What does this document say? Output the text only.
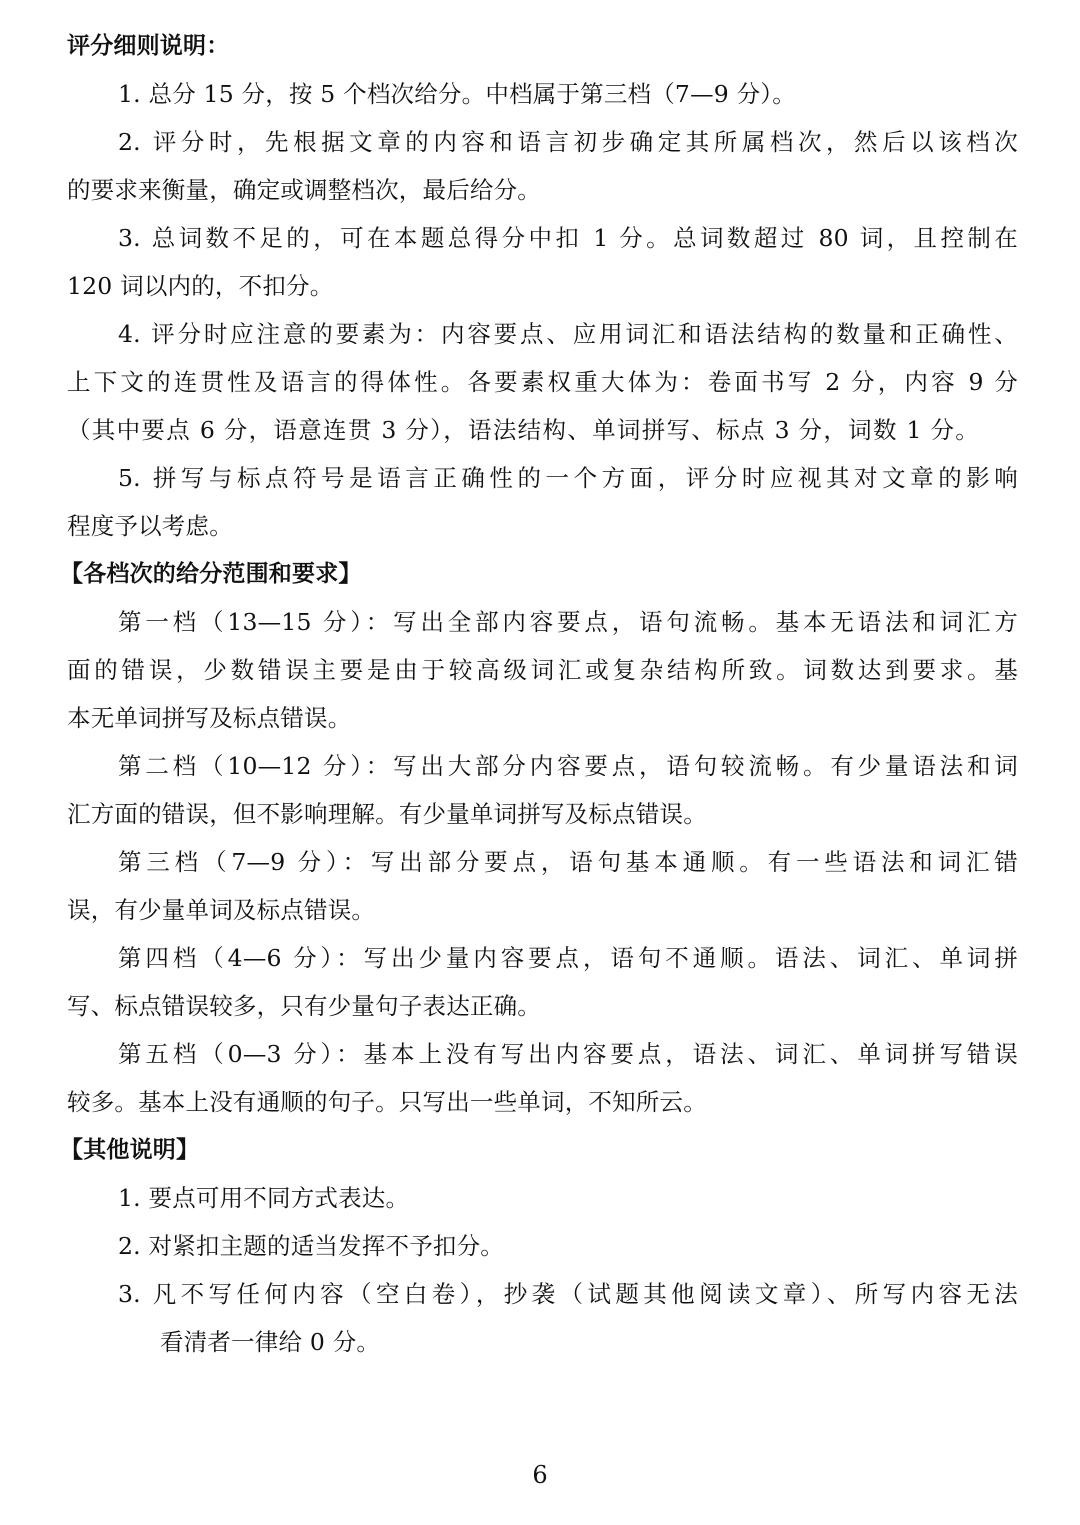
评分细则说明：
1. 总分 15 分，按 5 个档次给分。中档属于第三档（7—9 分）。
2. 评分时，先根据文章的内容和语言初步确定其所属档次，然后以该档次
的要求来衡量，确定或调整档次，最后给分。
3. 总词数不足的，可在本题总得分中扣 1 分。总词数超过 80 词，且控制在
120 词以内的，不扣分。
4. 评分时应注意的要素为：内容要点、应用词汇和语法结构的数量和正确性、
上下文的连贯性及语言的得体性。各要素权重大体为：卷面书写 2 分，内容 9 分
（其中要点 6 分，语意连贯 3 分），语法结构、单词拼写、标点 3 分，词数 1 分。
5. 拼写与标点符号是语言正确性的一个方面，评分时应视其对文章的影响
程度予以考虑。
【各档次的给分范围和要求】
第一档（13—15 分）：写出全部内容要点，语句流畅。基本无语法和词汇方
面的错误，少数错误主要是由于较高级词汇或复杂结构所致。词数达到要求。基
本无单词拼写及标点错误。
第二档（10—12 分）：写出大部分内容要点，语句较流畅。有少量语法和词
汇方面的错误，但不影响理解。有少量单词拼写及标点错误。
第三档（7—9 分）：写出部分要点，语句基本通顺。有一些语法和词汇错
误，有少量单词及标点错误。
第四档（4—6 分）：写出少量内容要点，语句不通顺。语法、词汇、单词拼
写、标点错误较多，只有少量句子表达正确。
第五档（0—3 分）：基本上没有写出内容要点，语法、词汇、单词拼写错误
较多。基本上没有通顺的句子。只写出一些单词，不知所云。
【其他说明】
1. 要点可用不同方式表达。
2. 对紧扣主题的适当发挥不予扣分。
3. 凡不写任何内容（空白卷），抄袭（试题其他阅读文章）、所写内容无法
看清者一律给 0 分。
6
